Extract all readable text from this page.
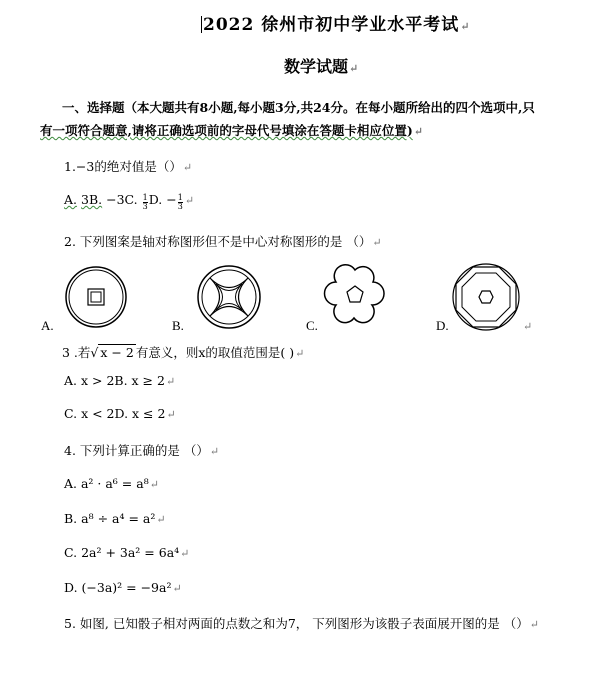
2022 徐州市初中学业水平考试↵
数学试题↵
一、选择题（本大题共有8小题,每小题3分,共24分。在每小题所给出的四个选项中,只
有一项符合题意,请将正确选项前的字母代号填涂在答题卡相应位置)↵
1.−3的绝对值是（）↵
A. 3B. −3C. $\frac{1}{3} D$. − $\frac{1}{3}$ ↵
2. 下列图案是轴对称图形但不是中心对称图形的是 （）↵
A.	B.	C.	D.	↵
3 .若√ x − 2 有意义，则x的取值范围是( )↵
A. x > 2B. x ≥ 2↵
C. x < 2D. x ≤ 2↵
4. 下列计算正确的是 （）↵
A. a² · a⁶ = a⁸↵
B. a⁸ ÷ a⁴ = a²↵
C. 2a² + 3a² = 6a⁴↵
D. (−3a)² = −9a²↵
5. 如图, 已知骰子相对两面的点数之和为7， 下列图形为该骰子表面展开图的是 （）↵
